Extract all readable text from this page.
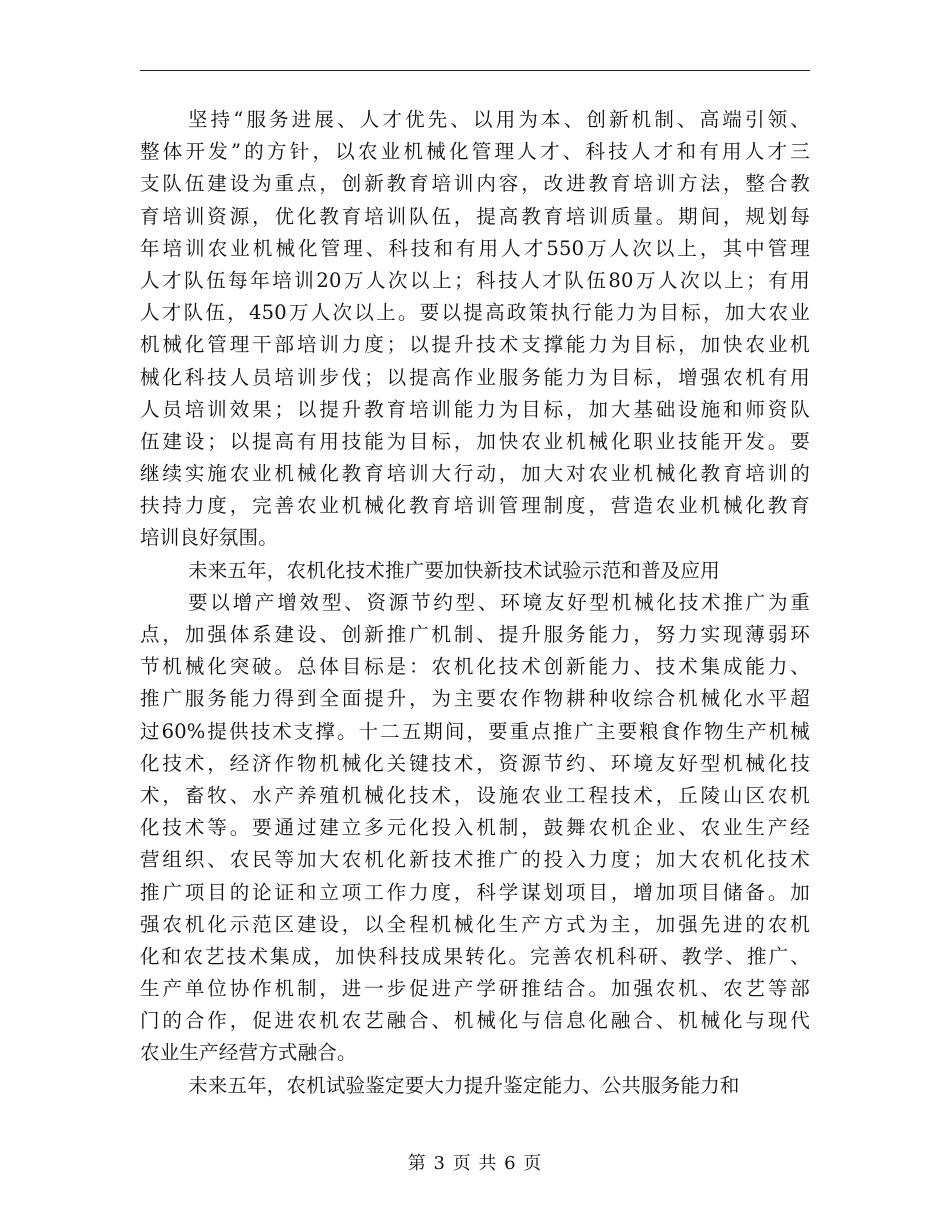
坚持“服务进展、人才优先、以用为本、创新机制、高端引领、
整体开发”的方针，以农业机械化管理人才、科技人才和有用人才三
支队伍建设为重点，创新教育培训内容，改进教育培训方法，整合教
育培训资源，优化教育培训队伍，提高教育培训质量。期间，规划每
年培训农业机械化管理、科技和有用人才550万人次以上，其中管理
人才队伍每年培训20万人次以上；科技人才队伍80万人次以上；有用
人才队伍，450万人次以上。要以提高政策执行能力为目标，加大农业
机械化管理干部培训力度；以提升技术支撑能力为目标，加快农业机
械化科技人员培训步伐；以提高作业服务能力为目标，增强农机有用
人员培训效果；以提升教育培训能力为目标，加大基础设施和师资队
伍建设；以提高有用技能为目标，加快农业机械化职业技能开发。要
继续实施农业机械化教育培训大行动，加大对农业机械化教育培训的
扶持力度，完善农业机械化教育培训管理制度，营造农业机械化教育
培训良好氛围。
未来五年，农机化技术推广要加快新技术试验示范和普及应用
要以增产增效型、资源节约型、环境友好型机械化技术推广为重
点，加强体系建设、创新推广机制、提升服务能力，努力实现薄弱环
节机械化突破。总体目标是：农机化技术创新能力、技术集成能力、
推广服务能力得到全面提升，为主要农作物耕种收综合机械化水平超
过60%提供技术支撑。十二五期间，要重点推广主要粮食作物生产机械
化技术，经济作物机械化关键技术，资源节约、环境友好型机械化技
术，畜牧、水产养殖机械化技术，设施农业工程技术，丘陵山区农机
化技术等。要通过建立多元化投入机制，鼓舞农机企业、农业生产经
营组织、农民等加大农机化新技术推广的投入力度；加大农机化技术
推广项目的论证和立项工作力度，科学谋划项目，增加项目储备。加
强农机化示范区建设，以全程机械化生产方式为主，加强先进的农机
化和农艺技术集成，加快科技成果转化。完善农机科研、教学、推广、
生产单位协作机制，进一步促进产学研推结合。加强农机、农艺等部
门的合作，促进农机农艺融合、机械化与信息化融合、机械化与现代
农业生产经营方式融合。
未来五年，农机试验鉴定要大力提升鉴定能力、公共服务能力和
第 3 页 共 6 页
